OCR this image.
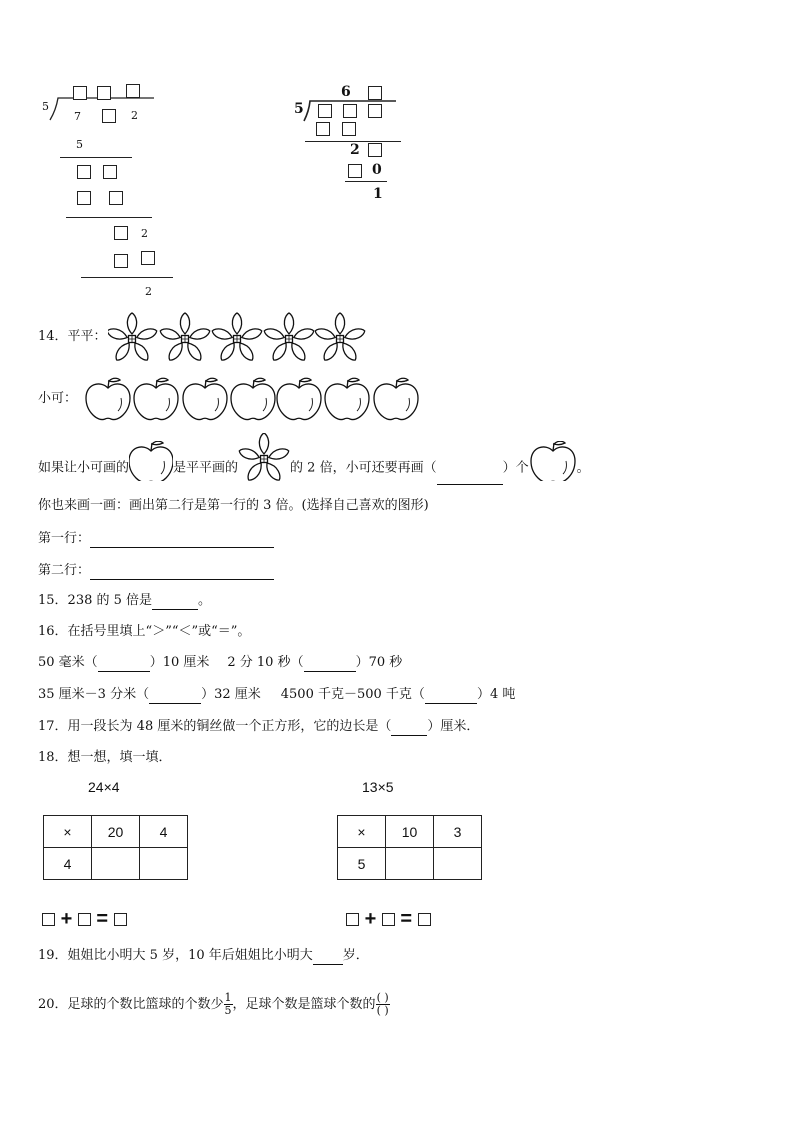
5
7	2
5
2
2
6
5
2
0
1
14．平平：
小可：
如果让小可画的	是平平画的	的 2 倍，小可还要再画（	）个	。
你也来画一画：画出第二行是第一行的 3 倍。(选择自己喜欢的图形)
第一行：
第二行：
15．238 的 5 倍是	。
16．在括号里填上“＞”“＜”或“＝”。
50 毫米（	）10 厘米 2 分 10 秒（	）70 秒
35 厘米－3 分米（	）32 厘米 4500 千克－500 千克（	）4 吨
17．用一段长为 48 厘米的铜丝做一个正方形，它的边长是（	）厘米．
18．想一想，填一填．
24×4	13×5
×	20	4
4		
×	10	3
5		
+ =	+ =
19．姐姐比小明大 5 岁，10 年后姐姐比小明大 岁．
20．足球的个数比篮球的个数少 $\frac{1}{5}$ ，足球个数是篮球个数的 $\frac{( )}{( )}$
